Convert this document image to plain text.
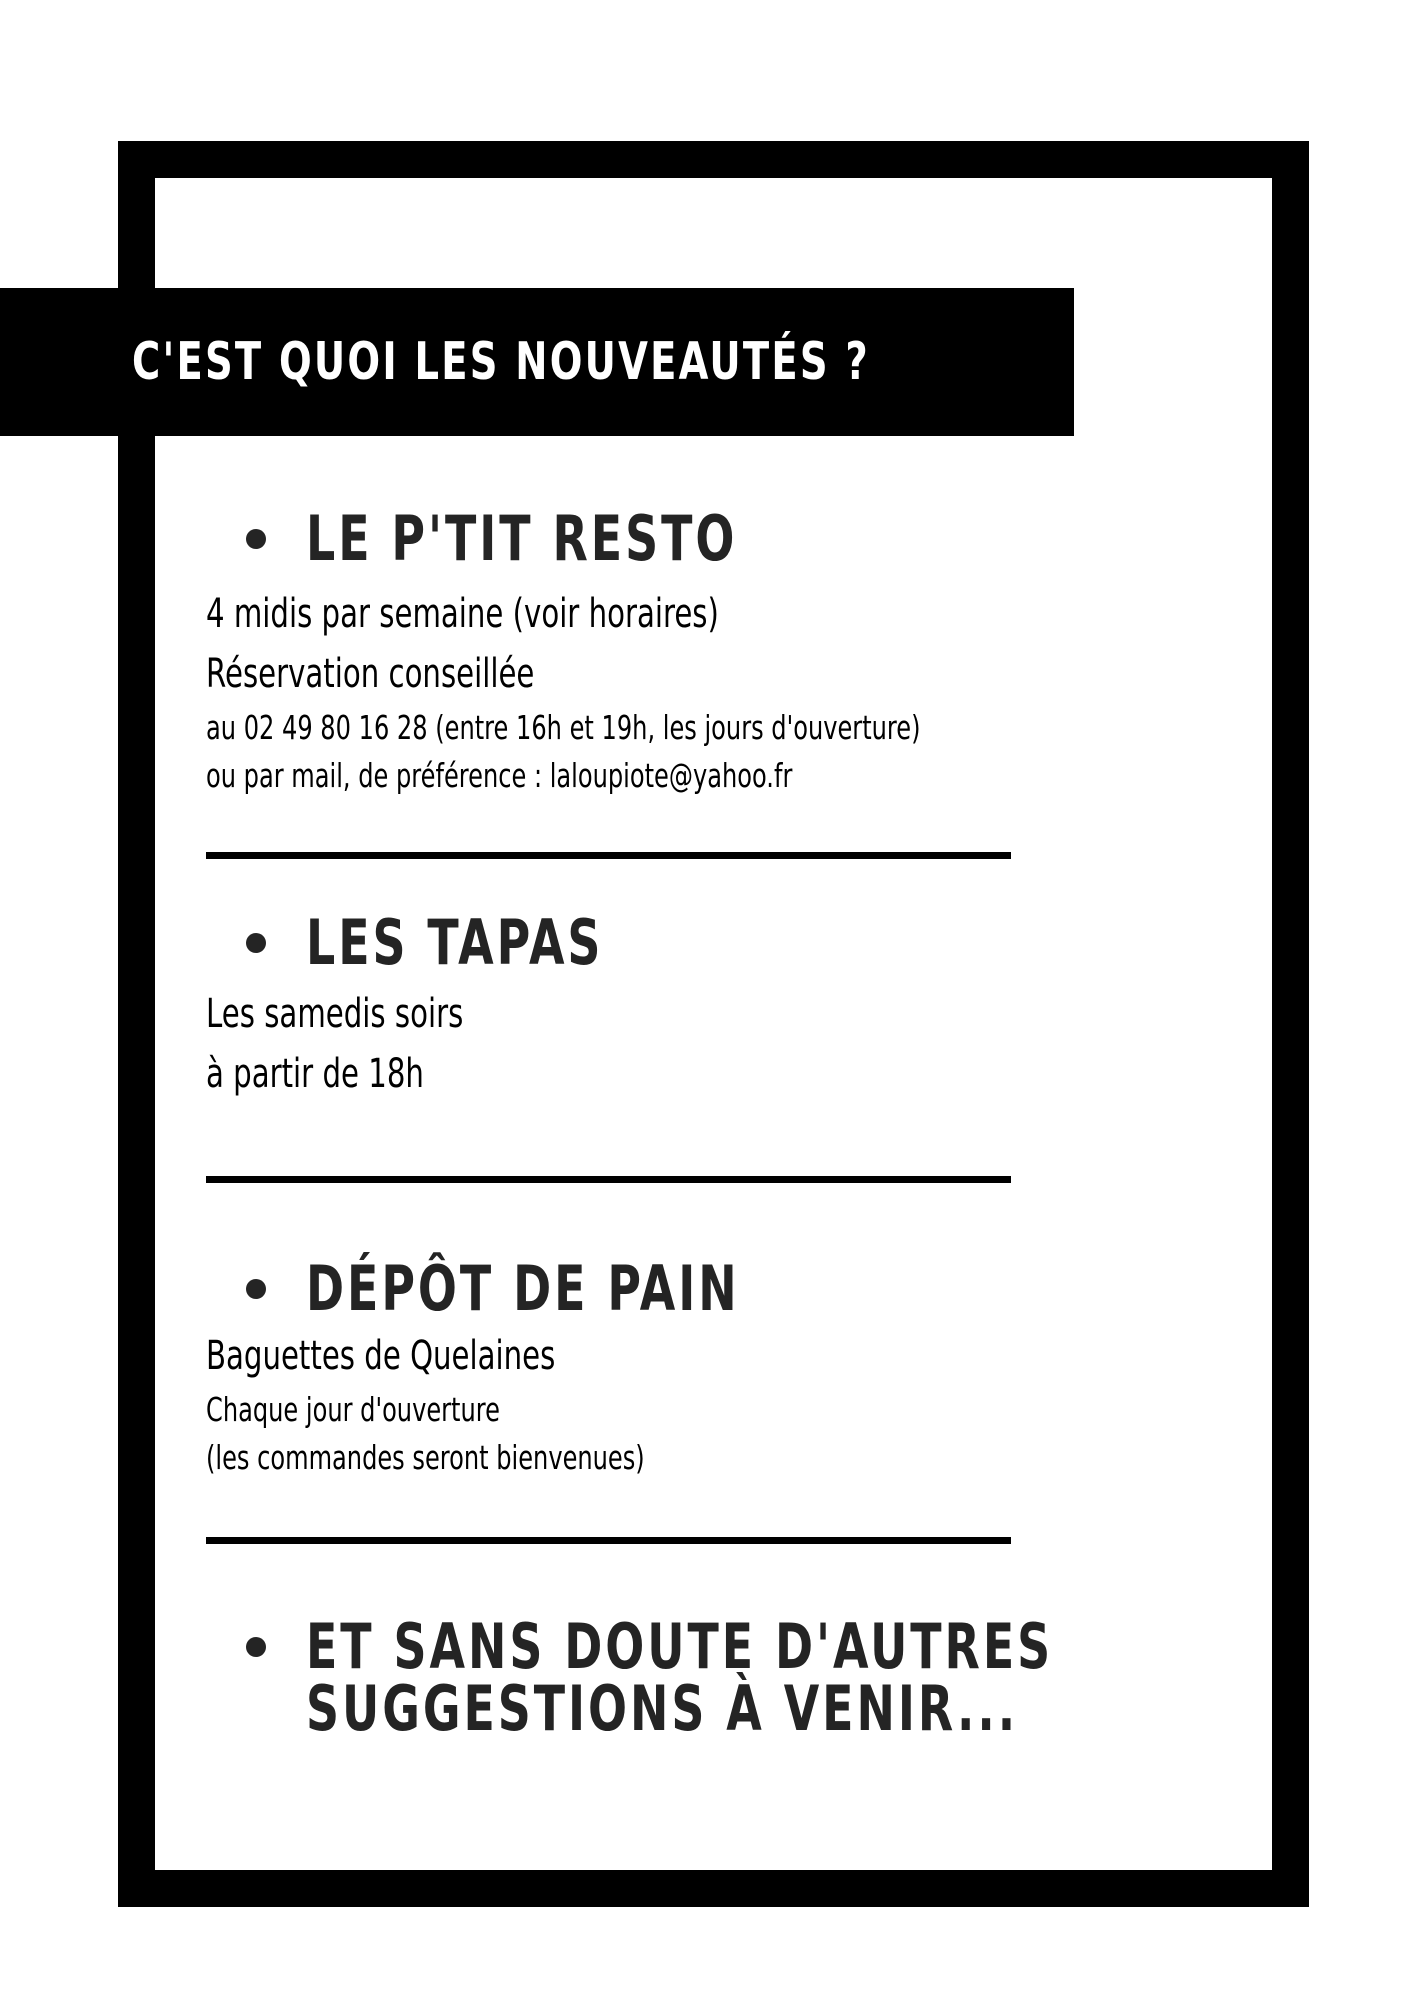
C'EST QUOI LES NOUVEAUTÉS ?
LE P'TIT RESTO

4 midis par semaine (voir horaires)

Réservation conseillée

au 02 49 80 16 28 (entre 16h et 19h, les jours d'ouverture)

ou par mail, de préférence : laloupiote@yahoo.fr

LES TAPAS

Les samedis soirs

à partir de 18h

DÉPÔT DE PAIN

Baguettes de Quelaines

Chaque jour d'ouverture

(les commandes seront bienvenues)

ET SANS DOUTE D'AUTRES
SUGGESTIONS À VENIR...
